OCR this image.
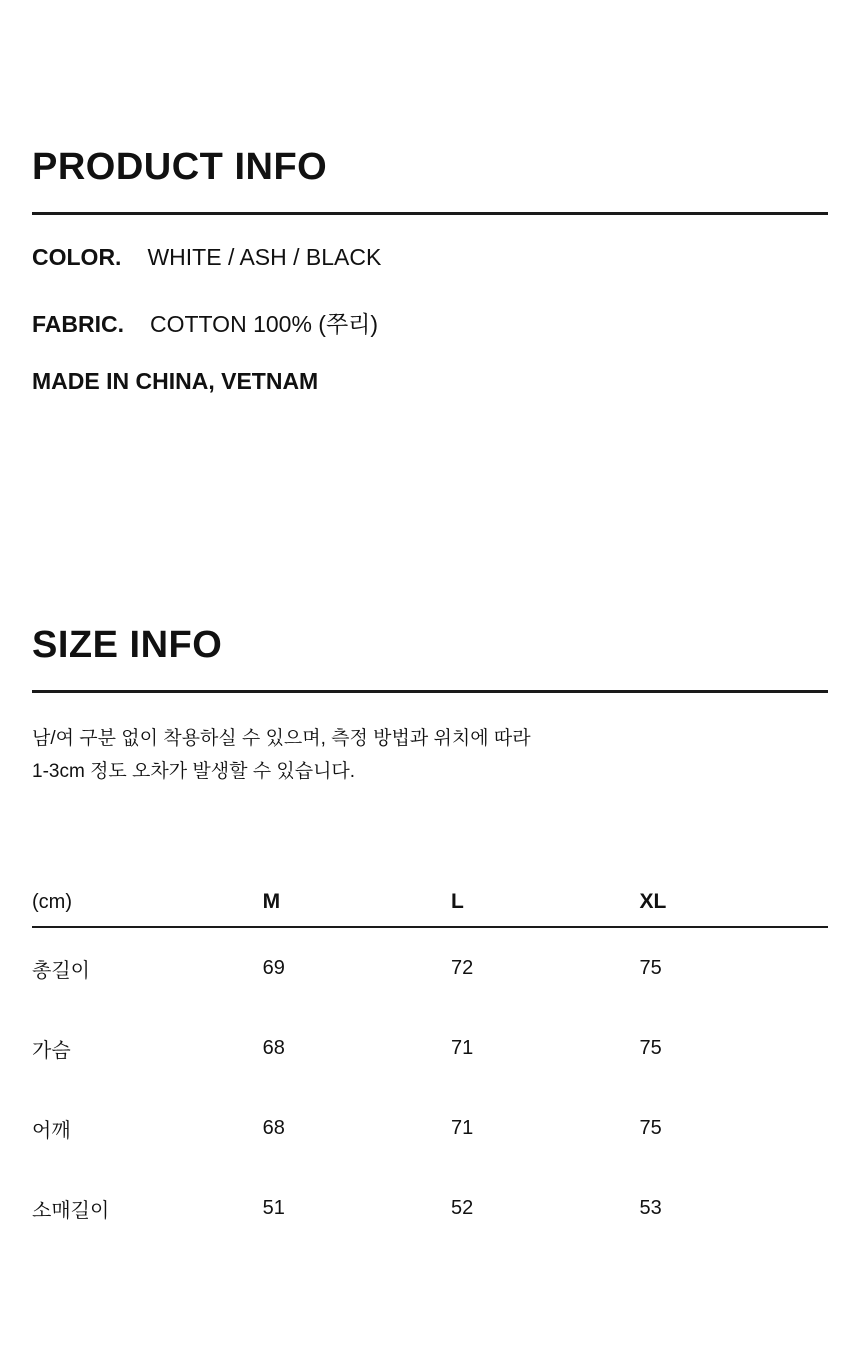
PRODUCT INFO
COLOR. WHITE / ASH / BLACK
FABRIC. COTTON 100% (쭈리)
MADE IN CHINA, VETNAM
SIZE INFO
남/여 구분 없이 착용하실 수 있으며, 측정 방법과 위치에 따라
1-3cm 정도 오차가 발생할 수 있습니다.
(cm)	M	L	XL
총길이	69	72	75
가슴	68	71	75
어깨	68	71	75
소매길이	51	52	53
